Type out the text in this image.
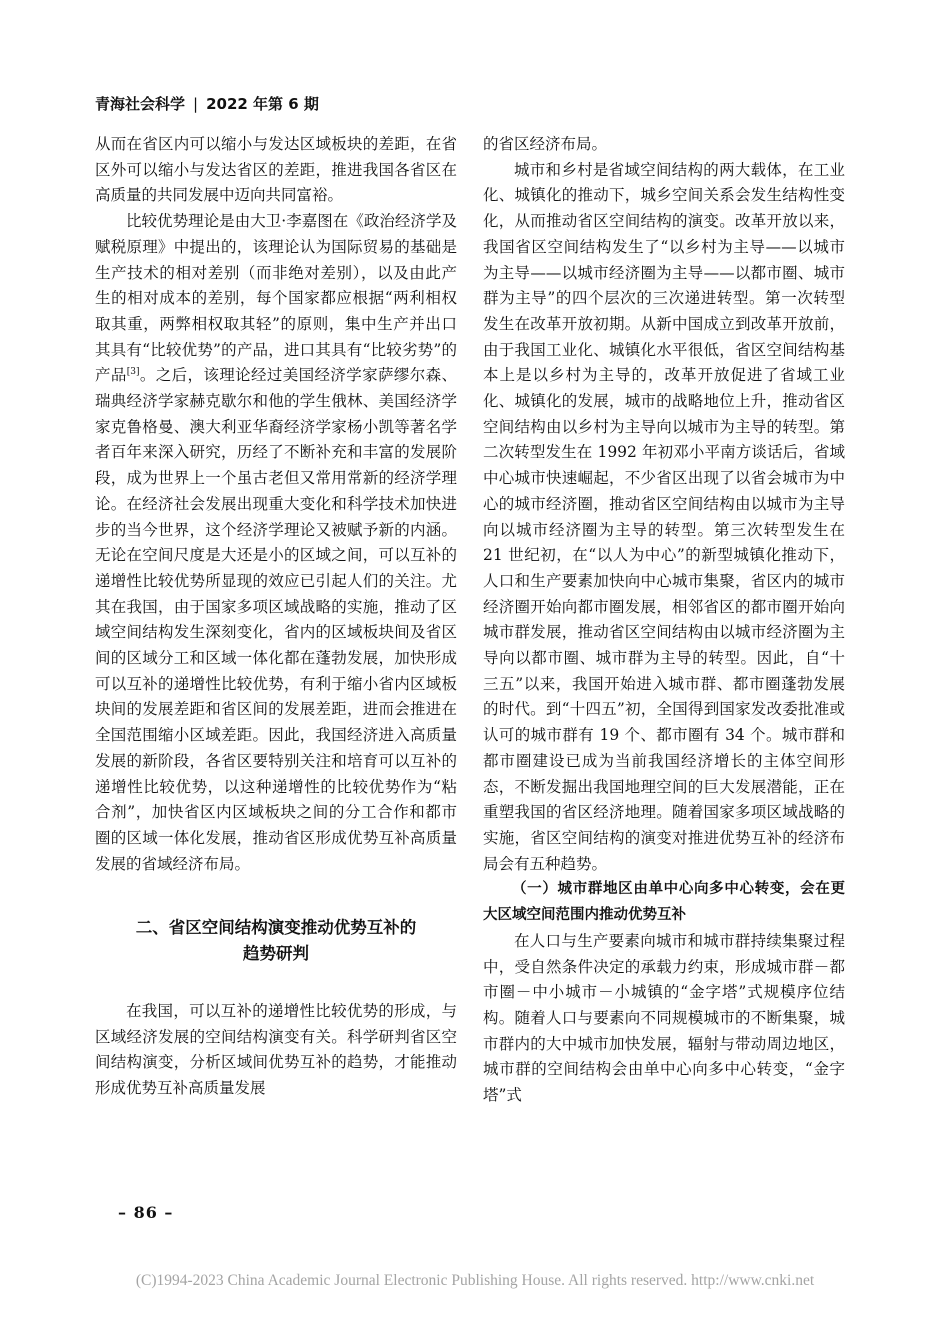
青海社会科学 | 2022 年第 6 期

从而在省区内可以缩小与发达区域板块的差距，在省区外可以缩小与发达省区的差距，推进我国各省区在高质量的共同发展中迈向共同富裕。

比较优势理论是由大卫·李嘉图在《政治经济学及赋税原理》中提出的，该理论认为国际贸易的基础是生产技术的相对差别（而非绝对差别），以及由此产生的相对成本的差别，每个国家都应根据“两利相权取其重，两弊相权取其轻”的原则，集中生产并出口其具有“比较优势”的产品，进口其具有“比较劣势”的产品[3]。之后，该理论经过美国经济学家萨缪尔森、瑞典经济学家赫克歇尔和他的学生俄林、美国经济学家克鲁格曼、澳大利亚华裔经济学家杨小凯等著名学者百年来深入研究，历经了不断补充和丰富的发展阶段，成为世界上一个虽古老但又常用常新的经济学理论。在经济社会发展出现重大变化和科学技术加快进步的当今世界，这个经济学理论又被赋予新的内涵。无论在空间尺度是大还是小的区域之间，可以互补的递增性比较优势所显现的效应已引起人们的关注。尤其在我国，由于国家多项区域战略的实施，推动了区域空间结构发生深刻变化，省内的区域板块间及省区间的区域分工和区域一体化都在蓬勃发展，加快形成可以互补的递增性比较优势，有利于缩小省内区域板块间的发展差距和省区间的发展差距，进而会推进在全国范围缩小区域差距。因此，我国经济进入高质量发展的新阶段，各省区要特别关注和培育可以互补的递增性比较优势，以这种递增性的比较优势作为“粘合剂”，加快省区内区域板块之间的分工合作和都市圈的区域一体化发展，推动省区形成优势互补高质量发展的省域经济布局。

二、省区空间结构演变推动优势互补的
趋势研判

在我国，可以互补的递增性比较优势的形成，与区域经济发展的空间结构演变有关。科学研判省区空间结构演变，分析区域间优势互补的趋势，才能推动形成优势互补高质量发展

的省区经济布局。

城市和乡村是省域空间结构的两大载体，在工业化、城镇化的推动下，城乡空间关系会发生结构性变化，从而推动省区空间结构的演变。改革开放以来，我国省区空间结构发生了“以乡村为主导——以城市为主导——以城市经济圈为主导——以都市圈、城市群为主导”的四个层次的三次递进转型。第一次转型发生在改革开放初期。从新中国成立到改革开放前，由于我国工业化、城镇化水平很低，省区空间结构基本上是以乡村为主导的，改革开放促进了省域工业化、城镇化的发展，城市的战略地位上升，推动省区空间结构由以乡村为主导向以城市为主导的转型。第二次转型发生在 1992 年初邓小平南方谈话后，省域中心城市快速崛起，不少省区出现了以省会城市为中心的城市经济圈，推动省区空间结构由以城市为主导向以城市经济圈为主导的转型。第三次转型发生在 21 世纪初，在“以人为中心”的新型城镇化推动下，人口和生产要素加快向中心城市集聚，省区内的城市经济圈开始向都市圈发展，相邻省区的都市圈开始向城市群发展，推动省区空间结构由以城市经济圈为主导向以都市圈、城市群为主导的转型。因此，自“十三五”以来，我国开始进入城市群、都市圈蓬勃发展的时代。到“十四五”初，全国得到国家发改委批准或认可的城市群有 19 个、都市圈有 34 个。城市群和都市圈建设已成为当前我国经济增长的主体空间形态，不断发掘出我国地理空间的巨大发展潜能，正在重塑我国的省区经济地理。随着国家多项区域战略的实施，省区空间结构的演变对推进优势互补的经济布局会有五种趋势。

（一）城市群地区由单中心向多中心转变，会在更大区域空间范围内推动优势互补

在人口与生产要素向城市和城市群持续集聚过程中，受自然条件决定的承载力约束，形成城市群－都市圈－中小城市－小城镇的“金字塔”式规模序位结构。随着人口与要素向不同规模城市的不断集聚，城市群内的大中城市加快发展，辐射与带动周边地区，城市群的空间结构会由单中心向多中心转变，“金字塔”式

– 86 –
(C)1994-2023 China Academic Journal Electronic Publishing House. All rights reserved. http://www.cnki.net
